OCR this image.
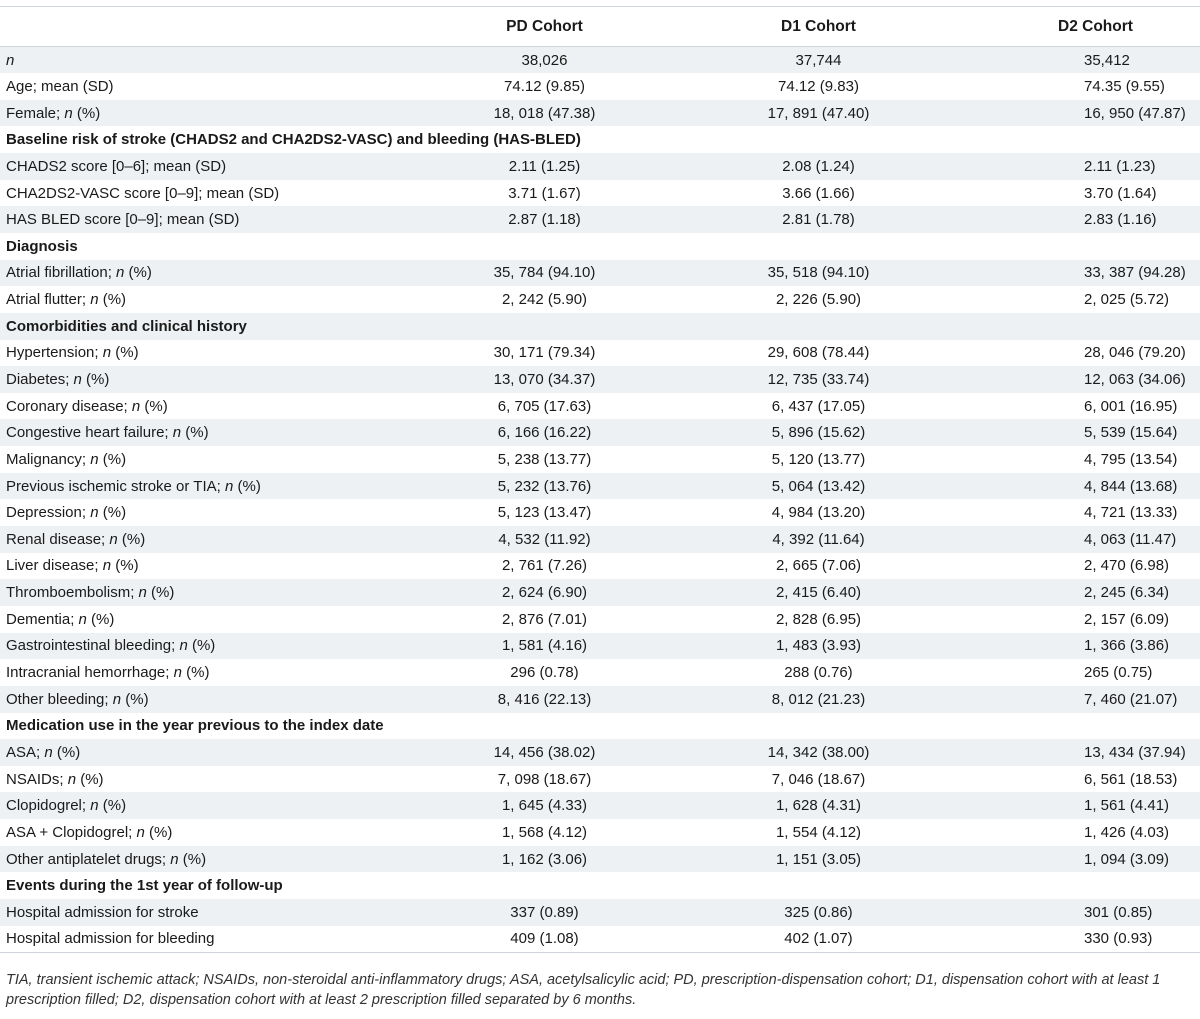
	PD Cohort	D1 Cohort	D2 Cohort
n	38,026	37,744	35,412
Age; mean (SD)	74.12 (9.85)	74.12 (9.83)	74.35 (9.55)
Female; n (%)	18, 018 (47.38)	17, 891 (47.40)	16, 950 (47.87)
Baseline risk of stroke (CHADS2 and CHA2DS2-VASC) and bleeding (HAS-BLED)			
CHADS2 score [0–6]; mean (SD)	2.11 (1.25)	2.08 (1.24)	2.11 (1.23)
CHA2DS2-VASC score [0–9]; mean (SD)	3.71 (1.67)	3.66 (1.66)	3.70 (1.64)
HAS BLED score [0–9]; mean (SD)	2.87 (1.18)	2.81 (1.78)	2.83 (1.16)
Diagnosis			
Atrial fibrillation; n (%)	35, 784 (94.10)	35, 518 (94.10)	33, 387 (94.28)
Atrial flutter; n (%)	2, 242 (5.90)	2, 226 (5.90)	2, 025 (5.72)
Comorbidities and clinical history			
Hypertension; n (%)	30, 171 (79.34)	29, 608 (78.44)	28, 046 (79.20)
Diabetes; n (%)	13, 070 (34.37)	12, 735 (33.74)	12, 063 (34.06)
Coronary disease; n (%)	6, 705 (17.63)	6, 437 (17.05)	6, 001 (16.95)
Congestive heart failure; n (%)	6, 166 (16.22)	5, 896 (15.62)	5, 539 (15.64)
Malignancy; n (%)	5, 238 (13.77)	5, 120 (13.77)	4, 795 (13.54)
Previous ischemic stroke or TIA; n (%)	5, 232 (13.76)	5, 064 (13.42)	4, 844 (13.68)
Depression; n (%)	5, 123 (13.47)	4, 984 (13.20)	4, 721 (13.33)
Renal disease; n (%)	4, 532 (11.92)	4, 392 (11.64)	4, 063 (11.47)
Liver disease; n (%)	2, 761 (7.26)	2, 665 (7.06)	2, 470 (6.98)
Thromboembolism; n (%)	2, 624 (6.90)	2, 415 (6.40)	2, 245 (6.34)
Dementia; n (%)	2, 876 (7.01)	2, 828 (6.95)	2, 157 (6.09)
Gastrointestinal bleeding; n (%)	1, 581 (4.16)	1, 483 (3.93)	1, 366 (3.86)
Intracranial hemorrhage; n (%)	296 (0.78)	288 (0.76)	265 (0.75)
Other bleeding; n (%)	8, 416 (22.13)	8, 012 (21.23)	7, 460 (21.07)
Medication use in the year previous to the index date			
ASA; n (%)	14, 456 (38.02)	14, 342 (38.00)	13, 434 (37.94)
NSAIDs; n (%)	7, 098 (18.67)	7, 046 (18.67)	6, 561 (18.53)
Clopidogrel; n (%)	1, 645 (4.33)	1, 628 (4.31)	1, 561 (4.41)
ASA + Clopidogrel; n (%)	1, 568 (4.12)	1, 554 (4.12)	1, 426 (4.03)
Other antiplatelet drugs; n (%)	1, 162 (3.06)	1, 151 (3.05)	1, 094 (3.09)
Events during the 1st year of follow-up			
Hospital admission for stroke	337 (0.89)	325 (0.86)	301 (0.85)
Hospital admission for bleeding	409 (1.08)	402 (1.07)	330 (0.93)
TIA, transient ischemic attack; NSAIDs, non-steroidal anti-inflammatory drugs; ASA, acetylsalicylic acid; PD, prescription-dispensation cohort; D1, dispensation cohort with at least 1 prescription filled; D2, dispensation cohort with at least 2 prescription filled separated by 6 months.
